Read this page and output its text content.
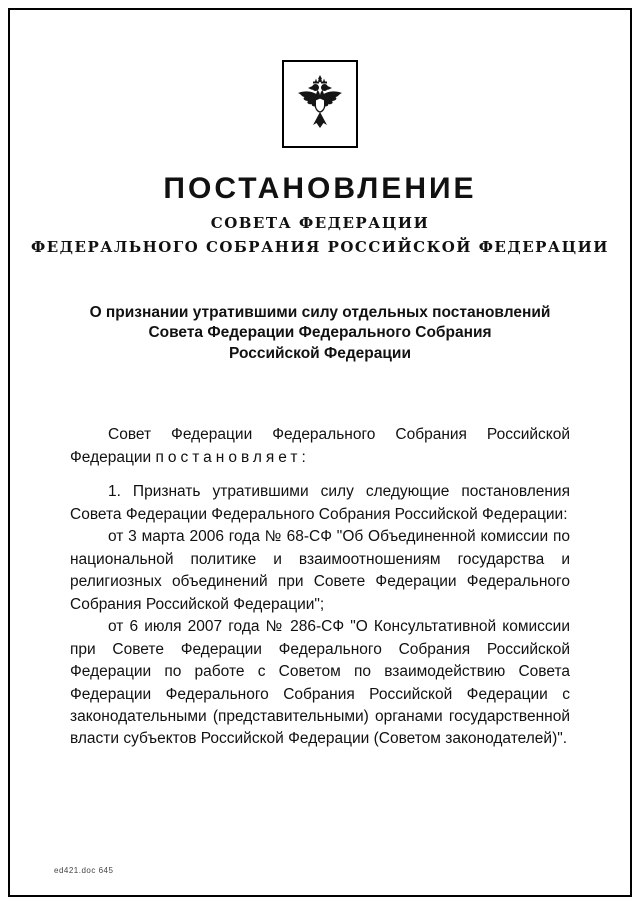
ПОСТАНОВЛЕНИЕ
СОВЕТА ФЕДЕРАЦИИ
ФЕДЕРАЛЬНОГО СОБРАНИЯ РОССИЙСКОЙ ФЕДЕРАЦИИ
О признании утратившими силу отдельных постановлений
Совета Федерации Федерального Собрания
Российской Федерации

Совет Федерации Федерального Собрания Российской Федерации постановляет:

1. Признать утратившими силу следующие постановления Совета Федерации Федерального Собрания Российской Федерации:

от 3 марта 2006 года № 68-СФ "Об Объединенной комиссии по национальной политике и взаимоотношениям государства и религиозных объединений при Совете Федерации Федерального Собрания Российской Федерации";

от 6 июля 2007 года № 286-СФ "О Консультативной комиссии при Совете Федерации Федерального Собрания Российской Федерации по работе с Советом по взаимодействию Совета Федерации Федерального Собрания Российской Федерации с законодательными (представительными) органами государственной власти субъектов Российской Федерации (Советом законодателей)".

ed421.doc 645
